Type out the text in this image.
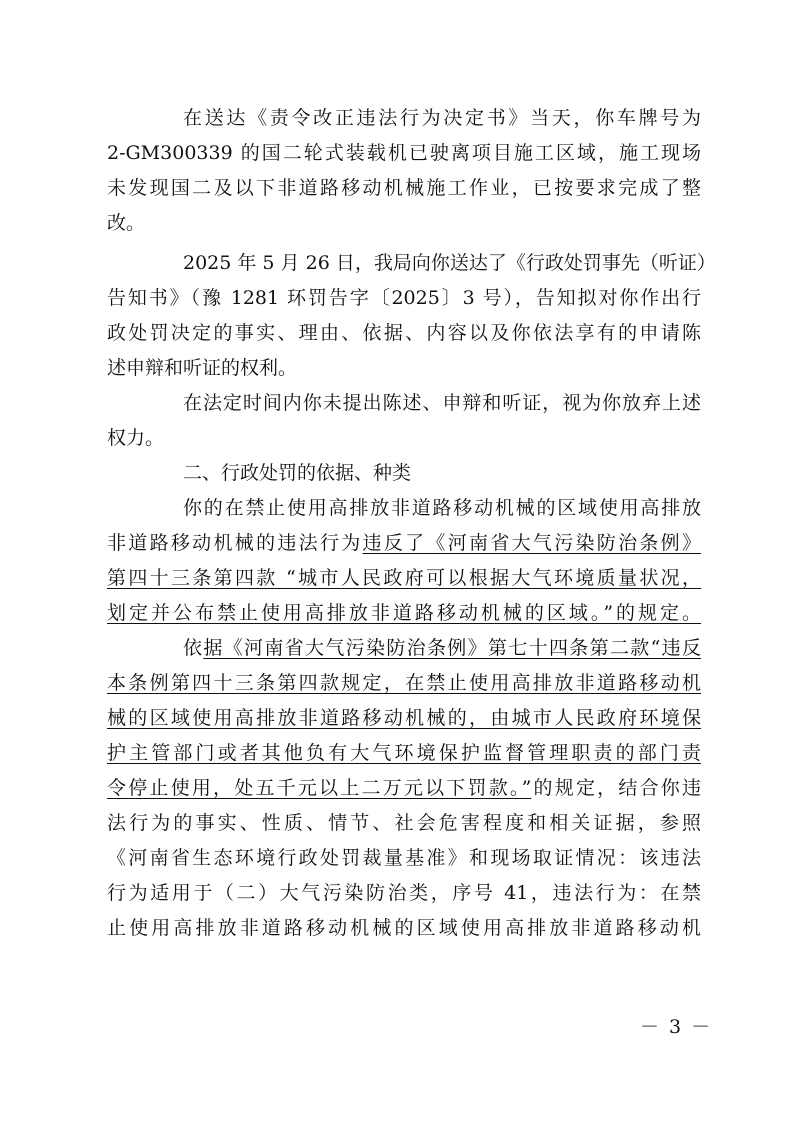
在送达《责令改正违法行为决定书》当天，你车牌号为
2-GM300339 的国二轮式装载机已驶离项目施工区域，施工现场
未发现国二及以下非道路移动机械施工作业，已按要求完成了整
改。
2025 年 5 月 26 日，我局向你送达了《行政处罚事先（听证）
告知书》（豫 1281 环罚告字〔2025〕3 号），告知拟对你作出行
政处罚决定的事实、理由、依据、内容以及你依法享有的申请陈
述申辩和听证的权利。
在法定时间内你未提出陈述、申辩和听证，视为你放弃上述
权力。
二、行政处罚的依据、种类
你的在禁止使用高排放非道路移动机械的区域使用高排放
非道路移动机械的违法行为违反了《河南省大气污染防治条例》
第四十三条第四款 “城市人民政府可以根据大气环境质量状况，
划定并公布禁止使用高排放非道路移动机械的区域。”的规定。
依据《河南省大气污染防治条例》第七十四条第二款“违反
本条例第四十三条第四款规定，在禁止使用高排放非道路移动机
械的区域使用高排放非道路移动机械的，由城市人民政府环境保
护主管部门或者其他负有大气环境保护监督管理职责的部门责
令停止使用，处五千元以上二万元以下罚款。”的规定，结合你违
法行为的事实、性质、情节、社会危害程度和相关证据，参照
《河南省生态环境行政处罚裁量基准》和现场取证情况：该违法
行为适用于（二）大气污染防治类，序号 41，违法行为：在禁
止使用高排放非道路移动机械的区域使用高排放非道路移动机
－ 3 －
